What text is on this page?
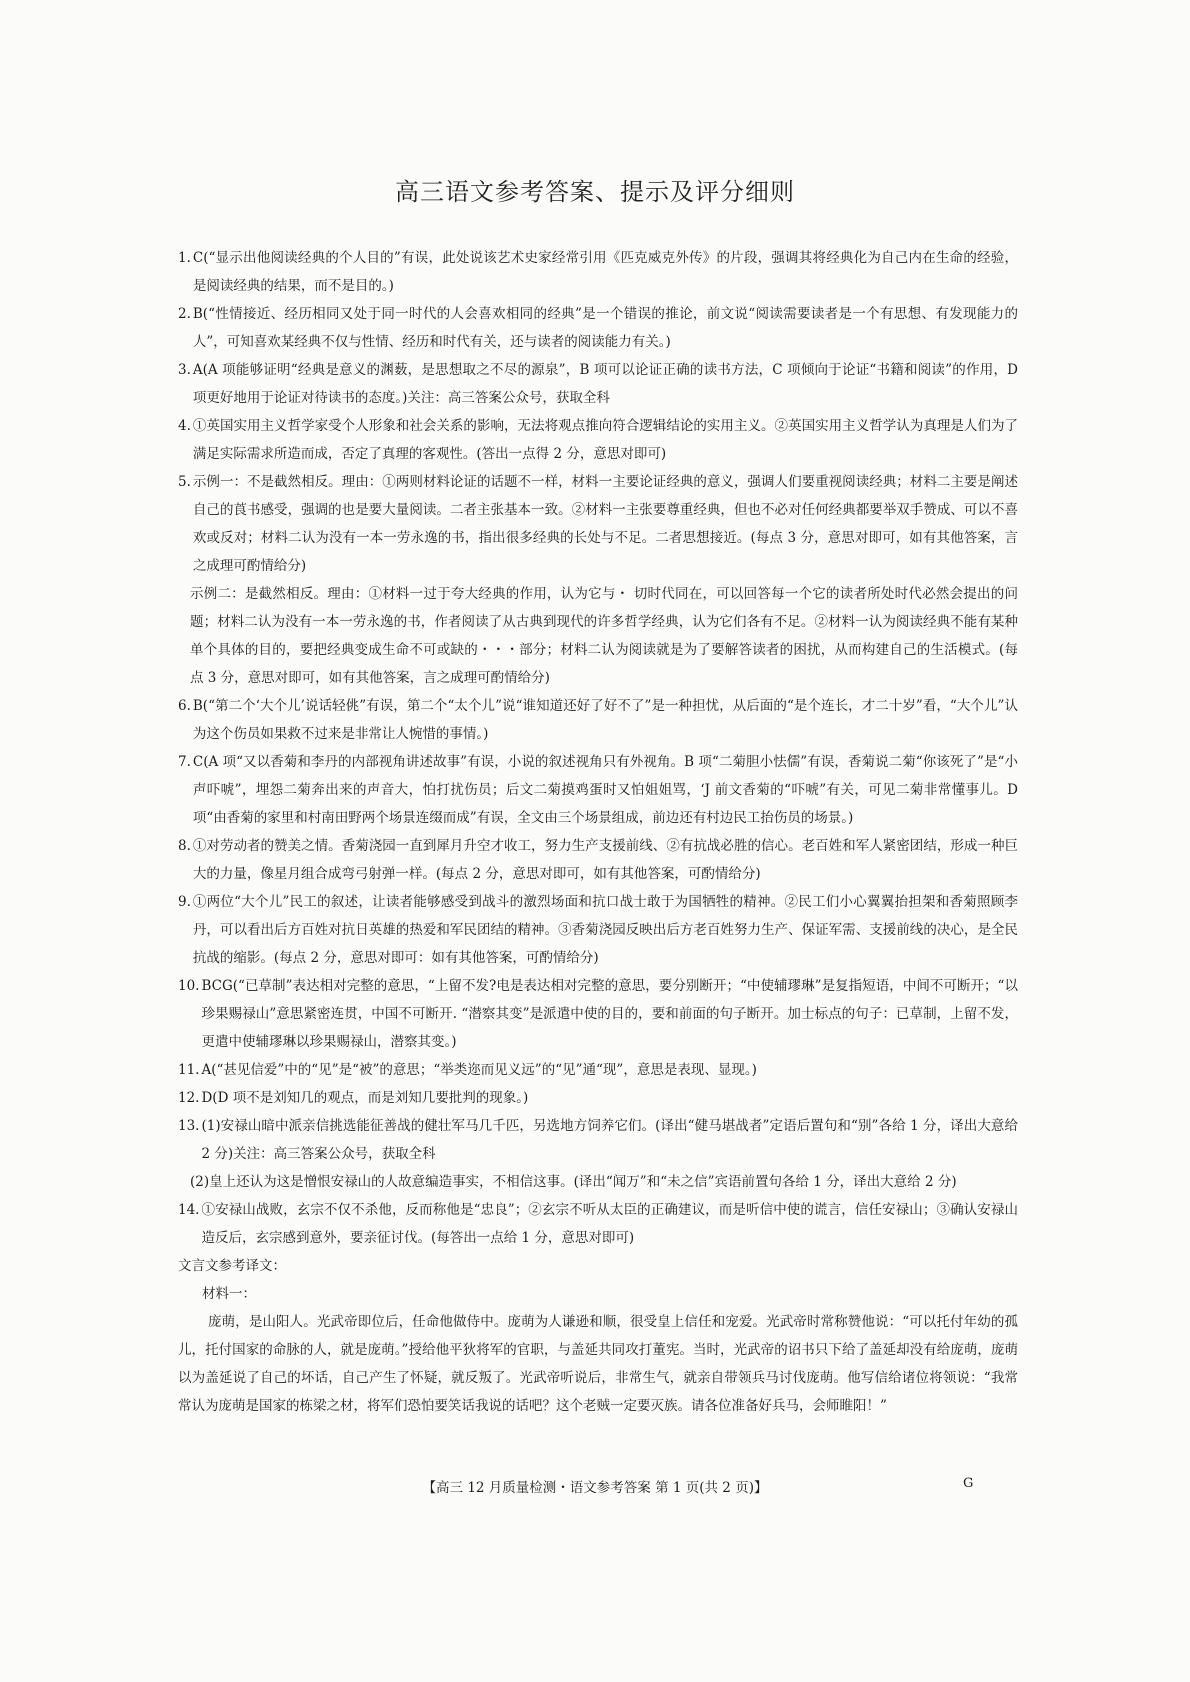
高三语文参考答案、提示及评分细则
1. C(“显示出他阅读经典的个人目的”有误，此处说该艺术史家经常引用《匹克威克外传》的片段，强调其将经典化为自己内在生命的经验，是阅读经典的结果，而不是目的。)
2. B(“性情接近、经历相同又处于同一时代的人会喜欢相同的经典”是一个错误的推论，前文说“阅读需要读者是一个有思想、有发现能力的人”，可知喜欢某经典不仅与性情、经历和时代有关，还与读者的阅读能力有关。)
3. A(A 项能够证明“经典是意义的渊薮，是思想取之不尽的源泉”，B 项可以论证正确的读书方法，C 项倾向于论证“书籍和阅读”的作用，D 项更好地用于论证对待读书的态度。)关注：高三答案公众号，获取全科
4. ①英国实用主义哲学家受个人形象和社会关系的影响，无法将观点推向符合逻辑结论的实用主义。②英国实用主义哲学认为真理是人们为了满足实际需求所造而成，否定了真理的客观性。(答出一点得 2 分，意思对即可)
5. 示例一：不是截然相反。理由：①两则材料论证的话题不一样，材料一主要论证经典的意义，强调人们要重视阅读经典；材料二主要是阐述自己的莨书感受，强调的也是要大量阅读。二者主张基本一致。②材料一主张要尊重经典，但也不必对任何经典都要举双手赞成、可以不喜欢或反对；材料二认为没有一本一劳永逸的书，指出很多经典的长处与不足。二者思想接近。(每点 3 分，意思对即可，如有其他答案，言之成理可酌情给分)
示例二：是截然相反。理由：①材料一过于夸大经典的作用，认为它与・ 切时代同在，可以回答每一个它的读者所处时代必然会提出的问题；材料二认为没有一本一劳永逸的书，作者阅读了从古典到现代的许多哲学经典，认为它们各有不足。②材料一认为阅读经典不能有某种单个具体的目的，要把经典变成生命不可或缺的・・・部分；材料二认为阅读就是为了要解答读者的困扰，从而构建自己的生活模式。(每点 3 分，意思对即可，如有其他答案，言之成理可酌情给分)
6. B(“第二个‘大个儿’说话轻佻”有误，第二个“太个儿”说“谁知道还好了好不了”是一种担忧，从后面的“是个连长，才二十岁”看，“大个儿”认为这个伤员如果救不过来是非常让人惋惜的事情。)
7. C(A 项“又以香菊和李丹的内部视角讲述故事”有误，小说的叙述视角只有外视角。B 项“二菊胆小怯儒”有误，香菊说二菊“你该死了”是“小声吓唬”，埋怨二菊奔出来的声音大，怕打扰伤员；后文二菊摸鸡蛋时又怕姐姐骂，‘J 前文香菊的“吓唬”有关，可见二菊非常懂事儿。D 项“由香菊的家里和村南田野两个场景连缀而成”有误，全文由三个场景组成，前边还有村边民工抬伤员的场景。)
8. ①对劳动者的赞美之情。香菊浇园一直到犀月升空才收工，努力生产支援前线、②有抗战必胜的信心。老百姓和军人紧密团结，形成一种巨大的力量，像星月组合成弯弓射弹一样。(每点 2 分，意思对即可，如有其他答案，可酌情给分)
9. ①两位“大个儿”民工的叙述，让读者能够感受到战斗的激烈场面和抗口战士敢于为国牺牲的精神。②民工们小心翼翼抬担架和香菊照顾李丹，可以看出后方百姓对抗日英雄的热爱和军民团结的精神。③香菊浇园反映出后方老百姓努力生产、保证军需、支援前线的决心，是全民抗战的缩影。(每点 2 分，意思对即可：如有其他答案，可酌情给分)
10. BCG(“已草制”表达相对完整的意思，“上留不发?电是表达相对完整的意思，要分别断开；“中使辅璆琳”是复指短语，中间不可断开；“以珍果赐禄山”意思紧密连贯，中国不可断开. “潜察其变”是派遣中使的目的，要和前面的句子断开。加士标点的句子：已草制，上留不发，更遣中使辅璆琳以珍果赐禄山，潜察其变。)
11. A(“甚见信爱”中的“见”是“被”的意思；“举类迩而见义远”的“见”通“现”，意思是表现、显现。)
12. D(D 项不是刘知几的观点，而是刘知几要批判的现象。)
13. (1)安禄山暗中派亲信挑选能征善战的健壮军马几千匹，另选地方饲养它们。(译出“健马堪战者”定语后置句和“别”各给 1 分，译出大意给 2 分)关注：高三答案公众号，获取全科
(2)皇上还认为这是憎恨安禄山的人故意编造事实，不相信这事。(译出“闻万”和“未之信”宾语前置句各给 1 分，译出大意给 2 分)
14. ①安禄山战败，玄宗不仅不杀他，反而称他是“忠良”；②玄宗不听从太臣的正确建议，而是听信中使的谎言，信任安禄山；③确认安禄山造反后，玄宗感到意外，要亲征讨伐。(每答出一点给 1 分，意思对即可)
文言文参考译文：
材料一：
庞萌，是山阳人。光武帝即位后，任命他做侍中。庞萌为人谦逊和顺，很受皇上信任和宠爱。光武帝时常称赞他说：“可以托付年幼的孤儿，托付国家的命脉的人，就是庞萌。”授给他平狄将军的官职，与盖延共同攻打董宪。当时，光武帝的诏书只下给了盖延却没有给庞萌，庞萌以为盖延说了自己的坏话，自己产生了怀疑，就反叛了。光武帝听说后，非常生气，就亲自带领兵马讨伐庞萌。他写信给诸位将领说：“我常常认为庞萌是国家的栋梁之材，将军们恐怕要笑话我说的话吧？这个老贼一定要灭族。请各位准备好兵马，会师睢阳！”
【高三 12 月质量检测・语文参考答案 第 1 页(共 2 页)】	G
